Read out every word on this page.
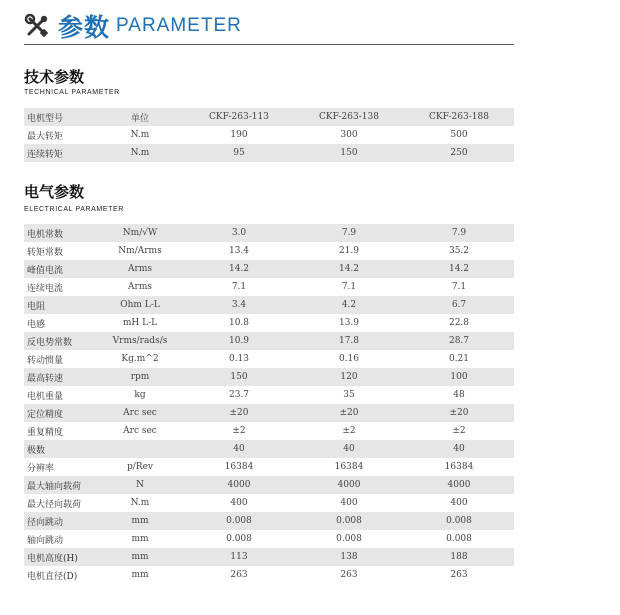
参数 PARAMETER
技术参数
TECHNICAL PARAMETER
电机型号	单位	CKF-263-113	CKF-263-138	CKF-263-188
最大转矩	N.m	190	300	500
连续转矩	N.m	95	150	250
电气参数
ELECTRICAL PARAMETER
电机常数	Nm/√W	3.0	7.9	7.9
转矩常数	Nm/Arms	13.4	21.9	35.2
峰值电流	Arms	14.2	14.2	14.2
连续电流	Arms	7.1	7.1	7.1
电阻	Ohm L-L	3.4	4.2	6.7
电感	mH L-L	10.8	13.9	22.8
反电势常数	Vrms/rads/s	10.9	17.8	28.7
转动惯量	Kg.m^2	0.13	0.16	0.21
最高转速	rpm	150	120	100
电机重量	kg	23.7	35	48
定位精度	Arc sec	±20	±20	±20
重复精度	Arc sec	±2	±2	±2
极数		40	40	40
分辨率	p/Rev	16384	16384	16384
最大轴向载荷	N	4000	4000	4000
最大径向载荷	N.m	400	400	400
径向跳动	mm	0.008	0.008	0.008
轴向跳动	mm	0.008	0.008	0.008
电机高度(H)	mm	113	138	188
电机直径(D)	mm	263	263	263
